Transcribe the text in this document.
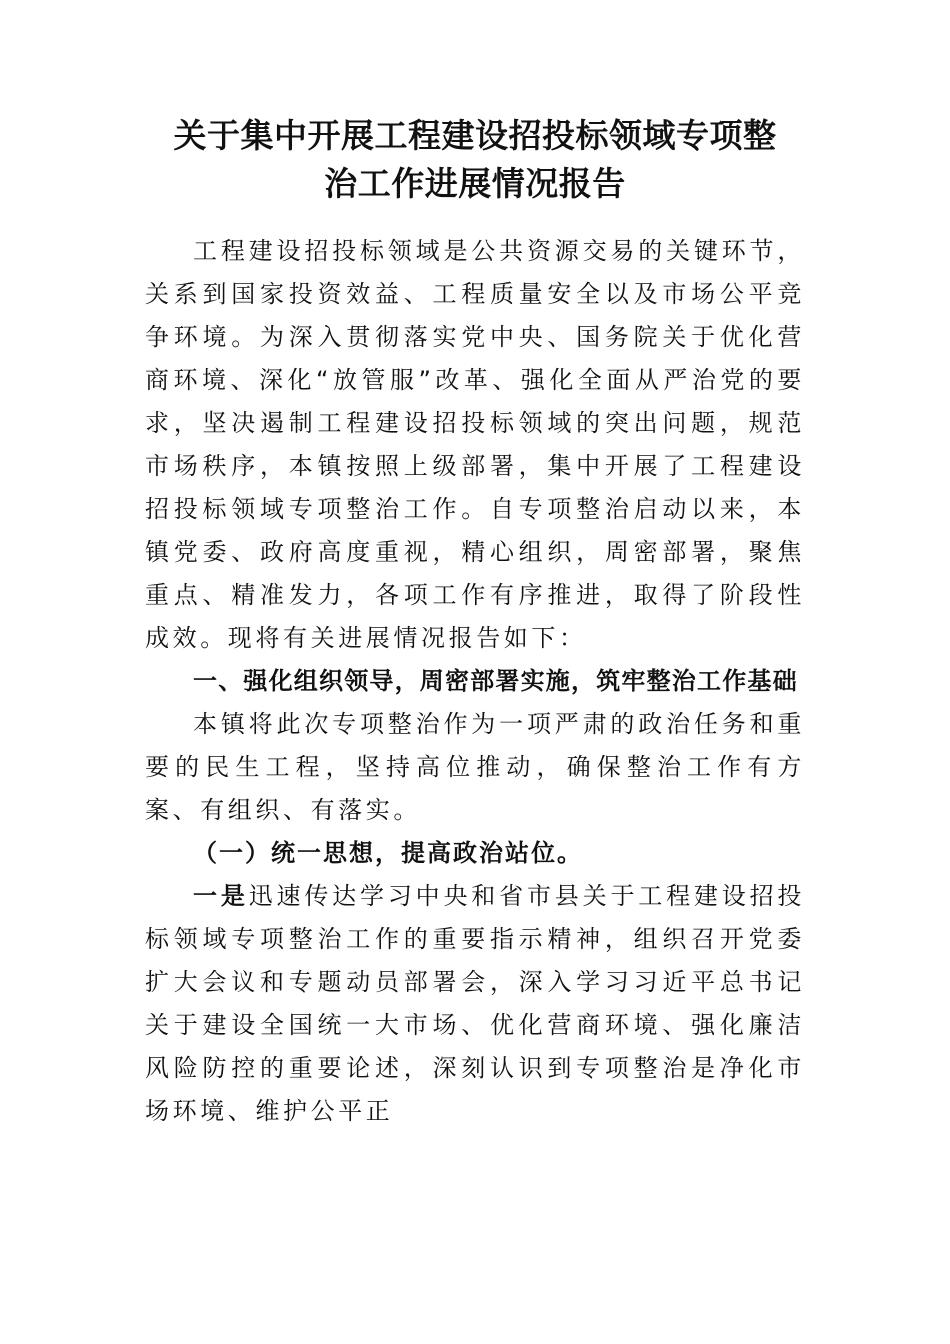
关于集中开展工程建设招投标领域专项整
治工作进展情况报告

工程建设招投标领域是公共资源交易的关键环节，关系到国家投资效益、工程质量安全以及市场公平竞争环境。为深入贯彻落实党中央、国务院关于优化营商环境、深化“放管服”改革、强化全面从严治党的要求，坚决遏制工程建设招投标领域的突出问题，规范市场秩序，本镇按照上级部署，集中开展了工程建设招投标领域专项整治工作。自专项整治启动以来，本镇党委、政府高度重视，精心组织，周密部署，聚焦重点、精准发力，各项工作有序推进，取得了阶段性成效。现将有关进展情况报告如下：

一、强化组织领导，周密部署实施，筑牢整治工作基础

本镇将此次专项整治作为一项严肃的政治任务和重要的民生工程，坚持高位推动，确保整治工作有方案、有组织、有落实。

（一）统一思想，提高政治站位。

一是迅速传达学习中央和省市县关于工程建设招投标领域专项整治工作的重要指示精神，组织召开党委扩大会议和专题动员部署会，深入学习习近平总书记关于建设全国统一大市场、优化营商环境、强化廉洁风险防控的重要论述，深刻认识到专项整治是净化市场环境、维护公平正
